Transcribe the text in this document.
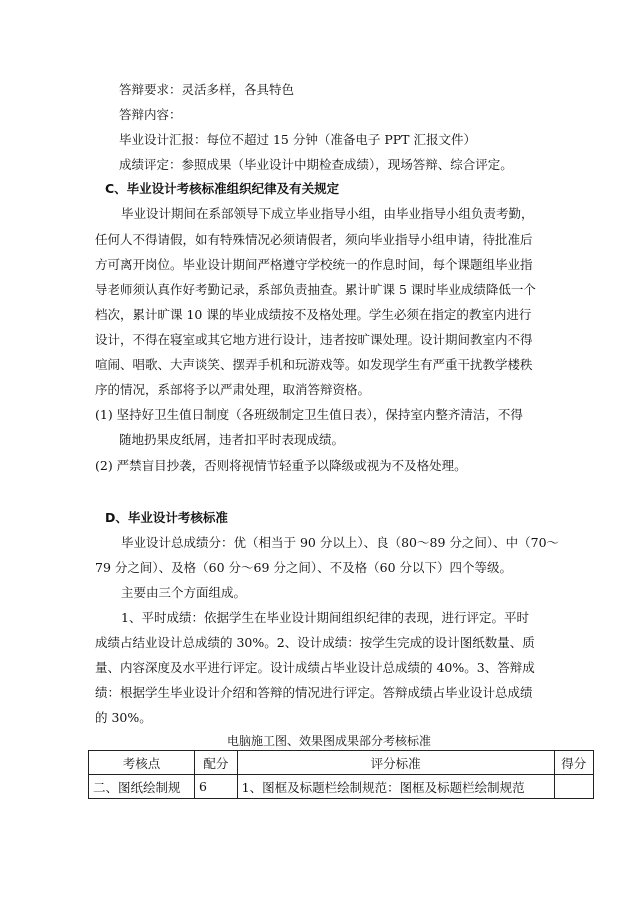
答辩要求：灵活多样，各具特色
答辩内容：
毕业设计汇报：每位不超过 15 分钟（准备电子 PPT 汇报文件）
成绩评定：参照成果（毕业设计中期检查成绩），现场答辩、综合评定。
C、毕业设计考核标准组织纪律及有关规定
毕业设计期间在系部领导下成立毕业指导小组，由毕业指导小组负责考勤，
任何人不得请假，如有特殊情况必须请假者，须向毕业指导小组申请，待批准后
方可离开岗位。毕业设计期间严格遵守学校统一的作息时间，每个课题组毕业指
导老师须认真作好考勤记录，系部负责抽查。累计旷课 5 课时毕业成绩降低一个
档次，累计旷课 10 课的毕业成绩按不及格处理。学生必须在指定的教室内进行
设计，不得在寝室或其它地方进行设计，违者按旷课处理。设计期间教室内不得
喧闹、唱歌、大声谈笑、摆弄手机和玩游戏等。如发现学生有严重干扰教学楼秩
序的情况，系部将予以严肃处理，取消答辩资格。
(1) 坚持好卫生值日制度（各班级制定卫生值日表），保持室内整齐清洁，不得
随地扔果皮纸屑，违者扣平时表现成绩。
(2) 严禁盲目抄袭，否则将视情节轻重予以降级或视为不及格处理。
D、毕业设计考核标准
毕业设计总成绩分：优（相当于 90 分以上）、良（80～89 分之间）、中（70～
79 分之间）、及格（60 分～69 分之间）、不及格（60 分以下）四个等级。
主要由三个方面组成。
1、平时成绩：依据学生在毕业设计期间组织纪律的表现，进行评定。平时
成绩占结业设计总成绩的 30%。2、设计成绩：按学生完成的设计图纸数量、质
量、内容深度及水平进行评定。设计成绩占毕业设计总成绩的 40%。3、答辩成
绩：根据学生毕业设计介绍和答辩的情况进行评定。答辩成绩占毕业设计总成绩
的 30%。
电脑施工图、效果图成果部分考核标准
考核点	配分	评分标准	得分
二、图纸绘制规	6	1、图框及标题栏绘制规范：图框及标题栏绘制规范	
